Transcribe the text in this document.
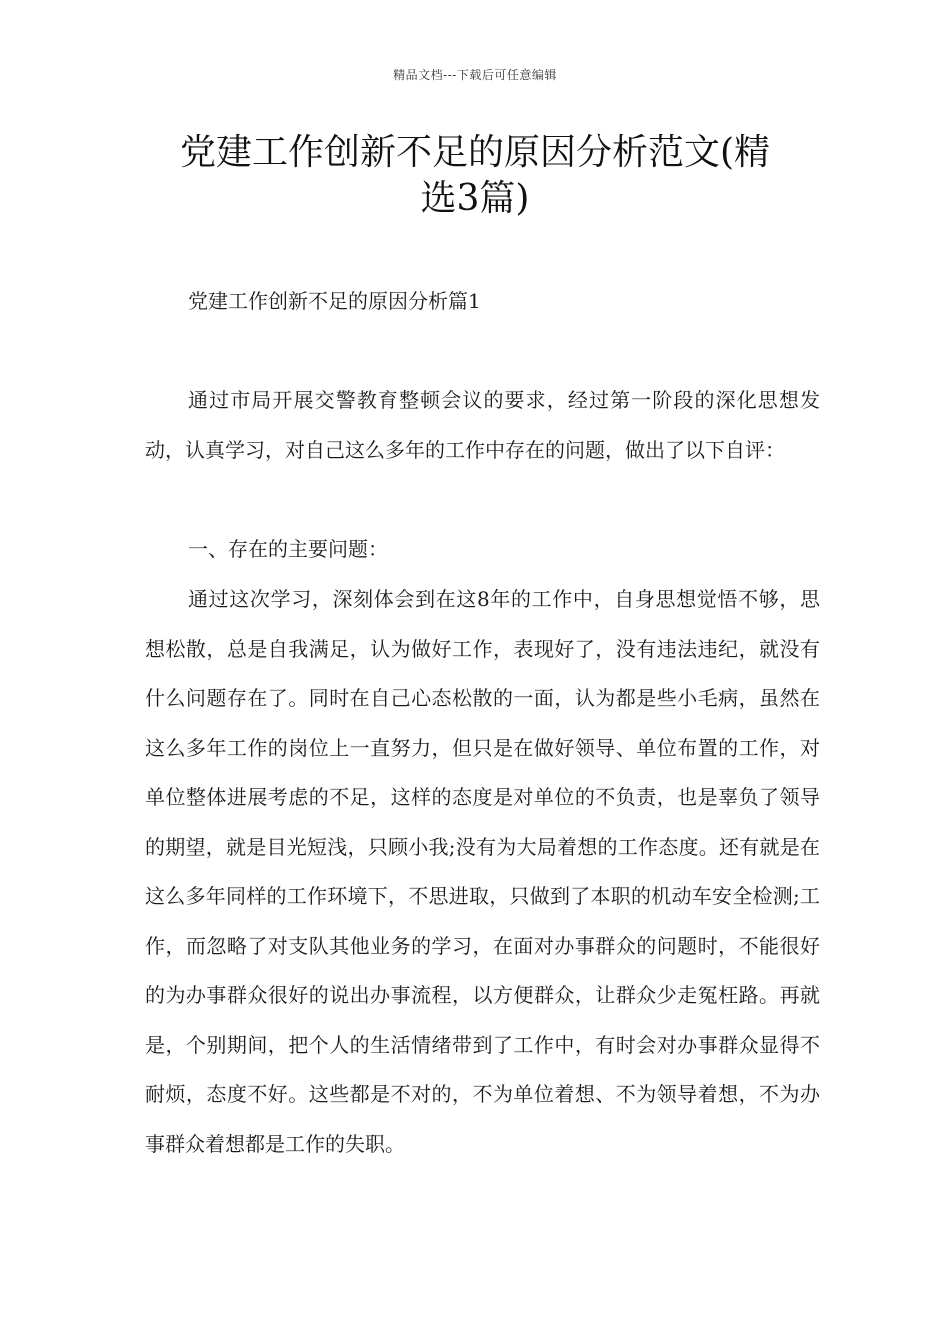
精品文档---下载后可任意编辑
党建工作创新不足的原因分析范文(精
选3篇)
党建工作创新不足的原因分析篇1

通过市局开展交警教育整顿会议的要求，经过第一阶段的深化思想发动，认真学习，对自己这么多年的工作中存在的问题，做出了以下自评：

一、存在的主要问题：

通过这次学习，深刻体会到在这8年的工作中，自身思想觉悟不够，思想松散，总是自我满足，认为做好工作，表现好了，没有违法违纪，就没有什么问题存在了。同时在自己心态松散的一面，认为都是些小毛病，虽然在这么多年工作的岗位上一直努力，但只是在做好领导、单位布置的工作，对单位整体进展考虑的不足，这样的态度是对单位的不负责，也是辜负了领导的期望，就是目光短浅，只顾小我;没有为大局着想的工作态度。还有就是在这么多年同样的工作环境下，不思进取，只做到了本职的机动车安全检测;工作，而忽略了对支队其他业务的学习，在面对办事群众的问题时，不能很好的为办事群众很好的说出办事流程，以方便群众，让群众少走冤枉路。再就是，个别期间，把个人的生活情绪带到了工作中，有时会对办事群众显得不耐烦，态度不好。这些都是不对的，不为单位着想、不为领导着想，不为办事群众着想都是工作的失职。
